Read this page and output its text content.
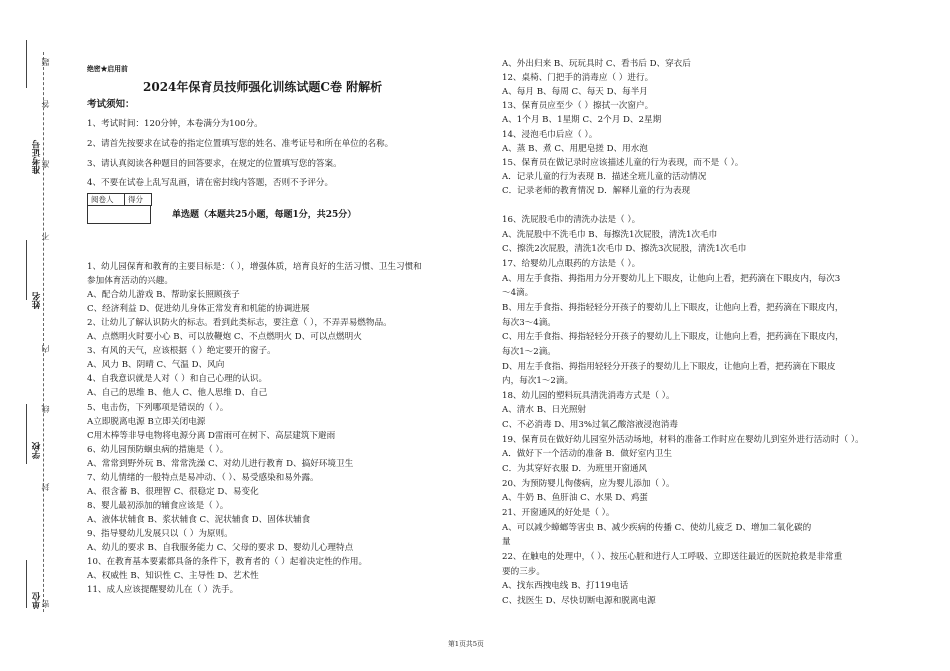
准考证号
姓名
学校
单位 密
封
线
内
不
准
答
题
绝密★启用前
2024年保育员技师强化训练试题C卷 附解析
考试须知：
1、考试时间：120分钟，本卷满分为100分。
2、请首先按要求在试卷的指定位置填写您的姓名、准考证号和所在单位的名称。
3、请认真阅读各种题目的回答要求，在规定的位置填写您的答案。
4、不要在试卷上乱写乱画，请在密封线内答题，否则不予评分。
阅卷人	得分
单选题（本题共25小题，每题1分，共25分）
1、幼儿园保育和教育的主要目标是：（ ），增强体质，培育良好的生活习惯、卫生习惯和
参加体育活动的兴趣。
A、配合幼儿游戏 B、帮助家长照顾孩子
C、经济利益 D、促进幼儿身体正常发育和机能的协调进展
2、让幼儿了解认识防火的标志。看到此类标志，要注意（ ），不弄弄易燃物品。
A、点燃明火时要小心 B、可以放鞭炮 C、不点燃明火 D、可以点燃明火
3、有风的天气，应该根据（ ）绝定要开的窗子。
A、风力 B、阴晴 C、气温 D、风向
4、自我意识就是人对（ ）和自己心理的认识。
A、自己的思维 B、他人 C、他人思维 D、自己
5、电击伤，下列哪项是错误的（ ）。
A立即脱离电源 B立即关闭电源
C用木棒等非导电物将电源分离 D雷雨可在树下、高层建筑下避雨
6、幼儿园预防蛔虫病的措施是（ ）。
A、常常到野外玩 B、常常洗澡 C、对幼儿进行教育 D、搞好环境卫生
7、幼儿情绪的一般特点是易冲动、（ ）、易受感染和易外露。
A、很含蓄 B、很理智 C、很稳定 D、易变化
8、婴儿最初添加的辅食应该是（ ）。
A、液体状辅食 B、浆状辅食 C、泥状辅食 D、固体状辅食
9、指导婴幼儿发展只以（ ）为原则。
A、幼儿的要求 B、自我服务能力 C、父母的要求 D、婴幼儿心理特点
10、在教育基本要素都具备的条件下，教育者的（ ）起着决定性的作用。
A、权威性 B、知识性 C、主导性 D、艺术性
11、成人应该提醒婴幼儿在（ ）洗手。
A、外出归来 B、玩玩具时 C、看书后 D、穿衣后
12、桌椅、门把手的消毒应（ ）进行。
A、每月 B、每周 C、每天 D、每半月
13、保育员应至少（ ）擦拭一次窗户。
A、1个月 B、1星期 C、2个月 D、2星期
14、浸泡毛巾后应（ ）。
A、蒸 B、煮 C、用肥皂搓 D、用水泡
15、保育员在做记录时应该描述儿童的行为表现，而不是（ ）。
A．记录儿童的行为表现 B．描述全班儿童的活动情况
C．记录老师的教育情况 D．解释儿童的行为表现
16、洗屁股毛巾的清洗办法是（ ）。
A、洗屁股中不洗毛巾 B、每擦洗1次屁股，清洗1次毛巾
C、擦洗2次屁股，清洗1次毛巾 D、擦洗3次屁股，清洗1次毛巾
17、给婴幼儿点眼药的方法是（ ）。
A、用左手食指、拇指用力分开婴幼儿上下眼皮，让他向上看，把药滴在下眼皮内，每次3
～4滴。
B、用左手食指、拇指轻轻分开孩子的婴幼儿上下眼皮，让他向上看，把药滴在下眼皮内，
每次3～4滴。
C、用左手食指、拇指轻轻分开孩子的婴幼儿上下眼皮，让他向上看，把药滴在下眼皮内，
每次1～2滴。
D、用左手食指、拇指用轻轻分开孩子的婴幼儿上下眼皮，让他向上看，把药滴在下眼皮
内，每次1～2滴。
18、幼儿园的塑料玩具清洗消毒方式是（ ）。
A、清水 B、日光照射
C、不必消毒 D、用3%过氧乙酸溶液浸泡消毒
19、保育员在做好幼儿园室外活动场地，材料的准备工作时应在婴幼儿到室外进行活动时（ ）。
A．做好下一个活动的准备 B．做好室内卫生
C．为其穿好衣服 D．为班里开窗通风
20、为预防婴儿佝偻病，应为婴儿添加（ ）。
A、牛奶 B、鱼肝油 C、水果 D、鸡蛋
21、开窗通风的好处是（ ）。
A、可以减少蟑螂等害虫 B、减少疾病的传播 C、使幼儿疲乏 D、增加二氧化碳的
量
22、在触电的处理中，（ ）、按压心脏和进行人工呼吸、立即送往最近的医院抢救是非常重
要的三步。
A、找东西拽电线 B、打119电话
C、找医生 D、尽快切断电源和脱离电源
第1页共5页
